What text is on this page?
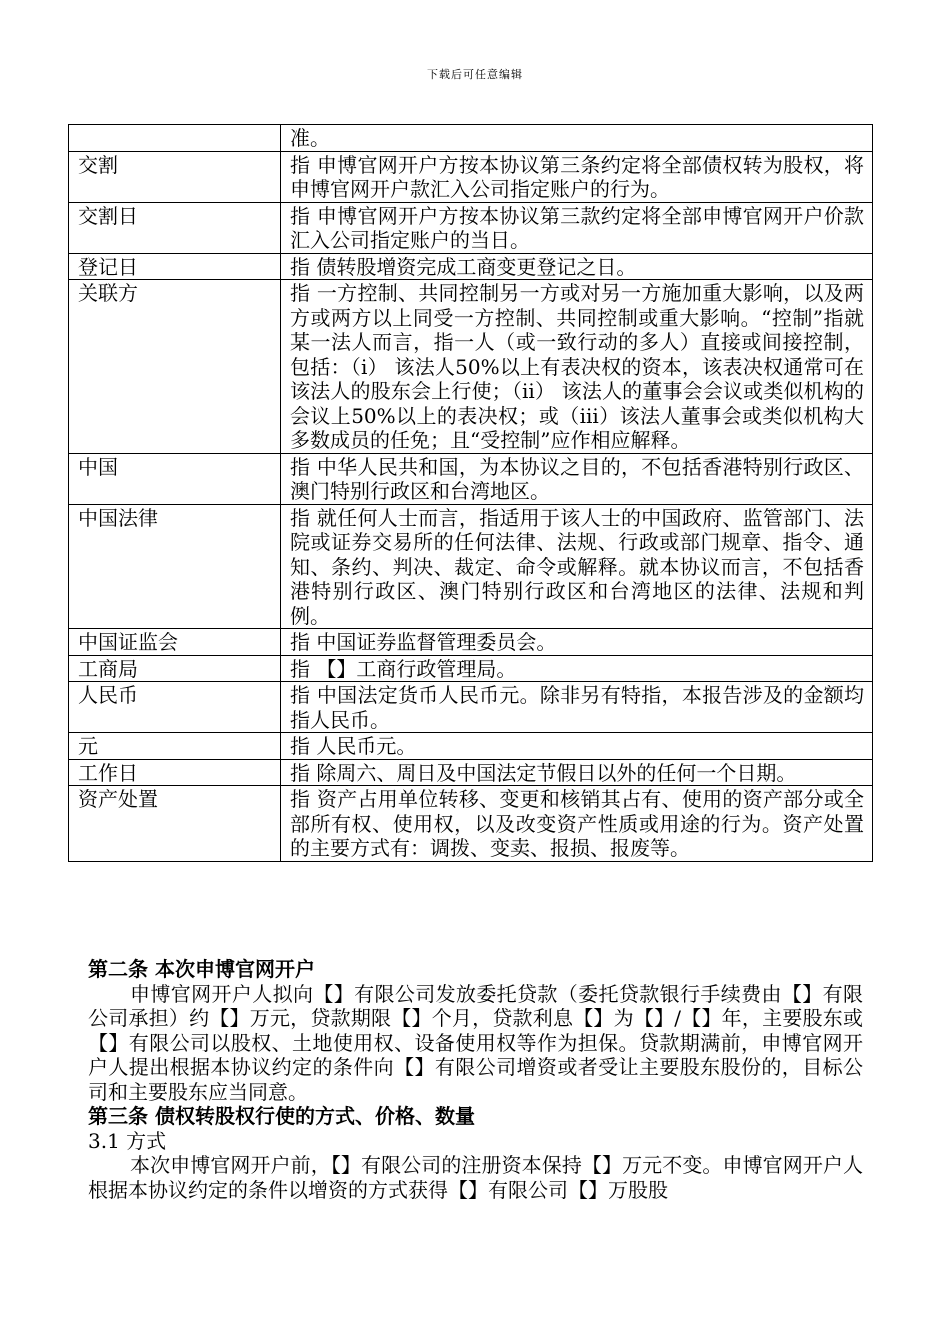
下载后可任意编辑
	准。
交割	指 申博官网开户方按本协议第三条约定将全部债权转为股权，将申博官网开户款汇入公司指定账户的行为。
交割日	指 申博官网开户方按本协议第三款约定将全部申博官网开户价款汇入公司指定账户的当日。
登记日	指 债转股增资完成工商变更登记之日。
关联方	指 一方控制、共同控制另一方或对另一方施加重大影响，以及两方或两方以上同受一方控制、共同控制或重大影响。“控制”指就某一法人而言，指一人（或一致行动的多人）直接或间接控制，包括：（i） 该法人50%以上有表决权的资本，该表决权通常可在该法人的股东会上行使；（ii） 该法人的董事会会议或类似机构的会议上50%以上的表决权；或（iii）该法人董事会或类似机构大多数成员的任免；且“受控制”应作相应解释。
中国	指 中华人民共和国，为本协议之目的，不包括香港特别行政区、澳门特别行政区和台湾地区。
中国法律	指 就任何人士而言，指适用于该人士的中国政府、监管部门、法院或证券交易所的任何法律、法规、行政或部门规章、指令、通知、条约、判决、裁定、命令或解释。就本协议而言，不包括香港特别行政区、澳门特别行政区和台湾地区的法律、法规和判例。
中国证监会	指 中国证券监督管理委员会。
工商局	指 【】工商行政管理局。
人民币	指 中国法定货币人民币元。除非另有特指，本报告涉及的金额均指人民币。
元	指 人民币元。
工作日	指 除周六、周日及中国法定节假日以外的任何一个日期。
资产处置	指 资产占用单位转移、变更和核销其占有、使用的资产部分或全部所有权、使用权，以及改变资产性质或用途的行为。资产处置的主要方式有：调拨、变卖、报损、报废等。

第二条 本次申博官网开户

申博官网开户人拟向【】有限公司发放委托贷款（委托贷款银行手续费由【】有限公司承担）约【】万元，贷款期限【】个月，贷款利息【】为【】/【】年，主要股东或【】有限公司以股权、土地使用权、设备使用权等作为担保。贷款期满前，申博官网开户人提出根据本协议约定的条件向【】有限公司增资或者受让主要股东股份的，目标公司和主要股东应当同意。

第三条 债权转股权行使的方式、价格、数量

3.1 方式

本次申博官网开户前，【】有限公司的注册资本保持【】万元不变。申博官网开户人根据本协议约定的条件以增资的方式获得【】有限公司【】万股股
